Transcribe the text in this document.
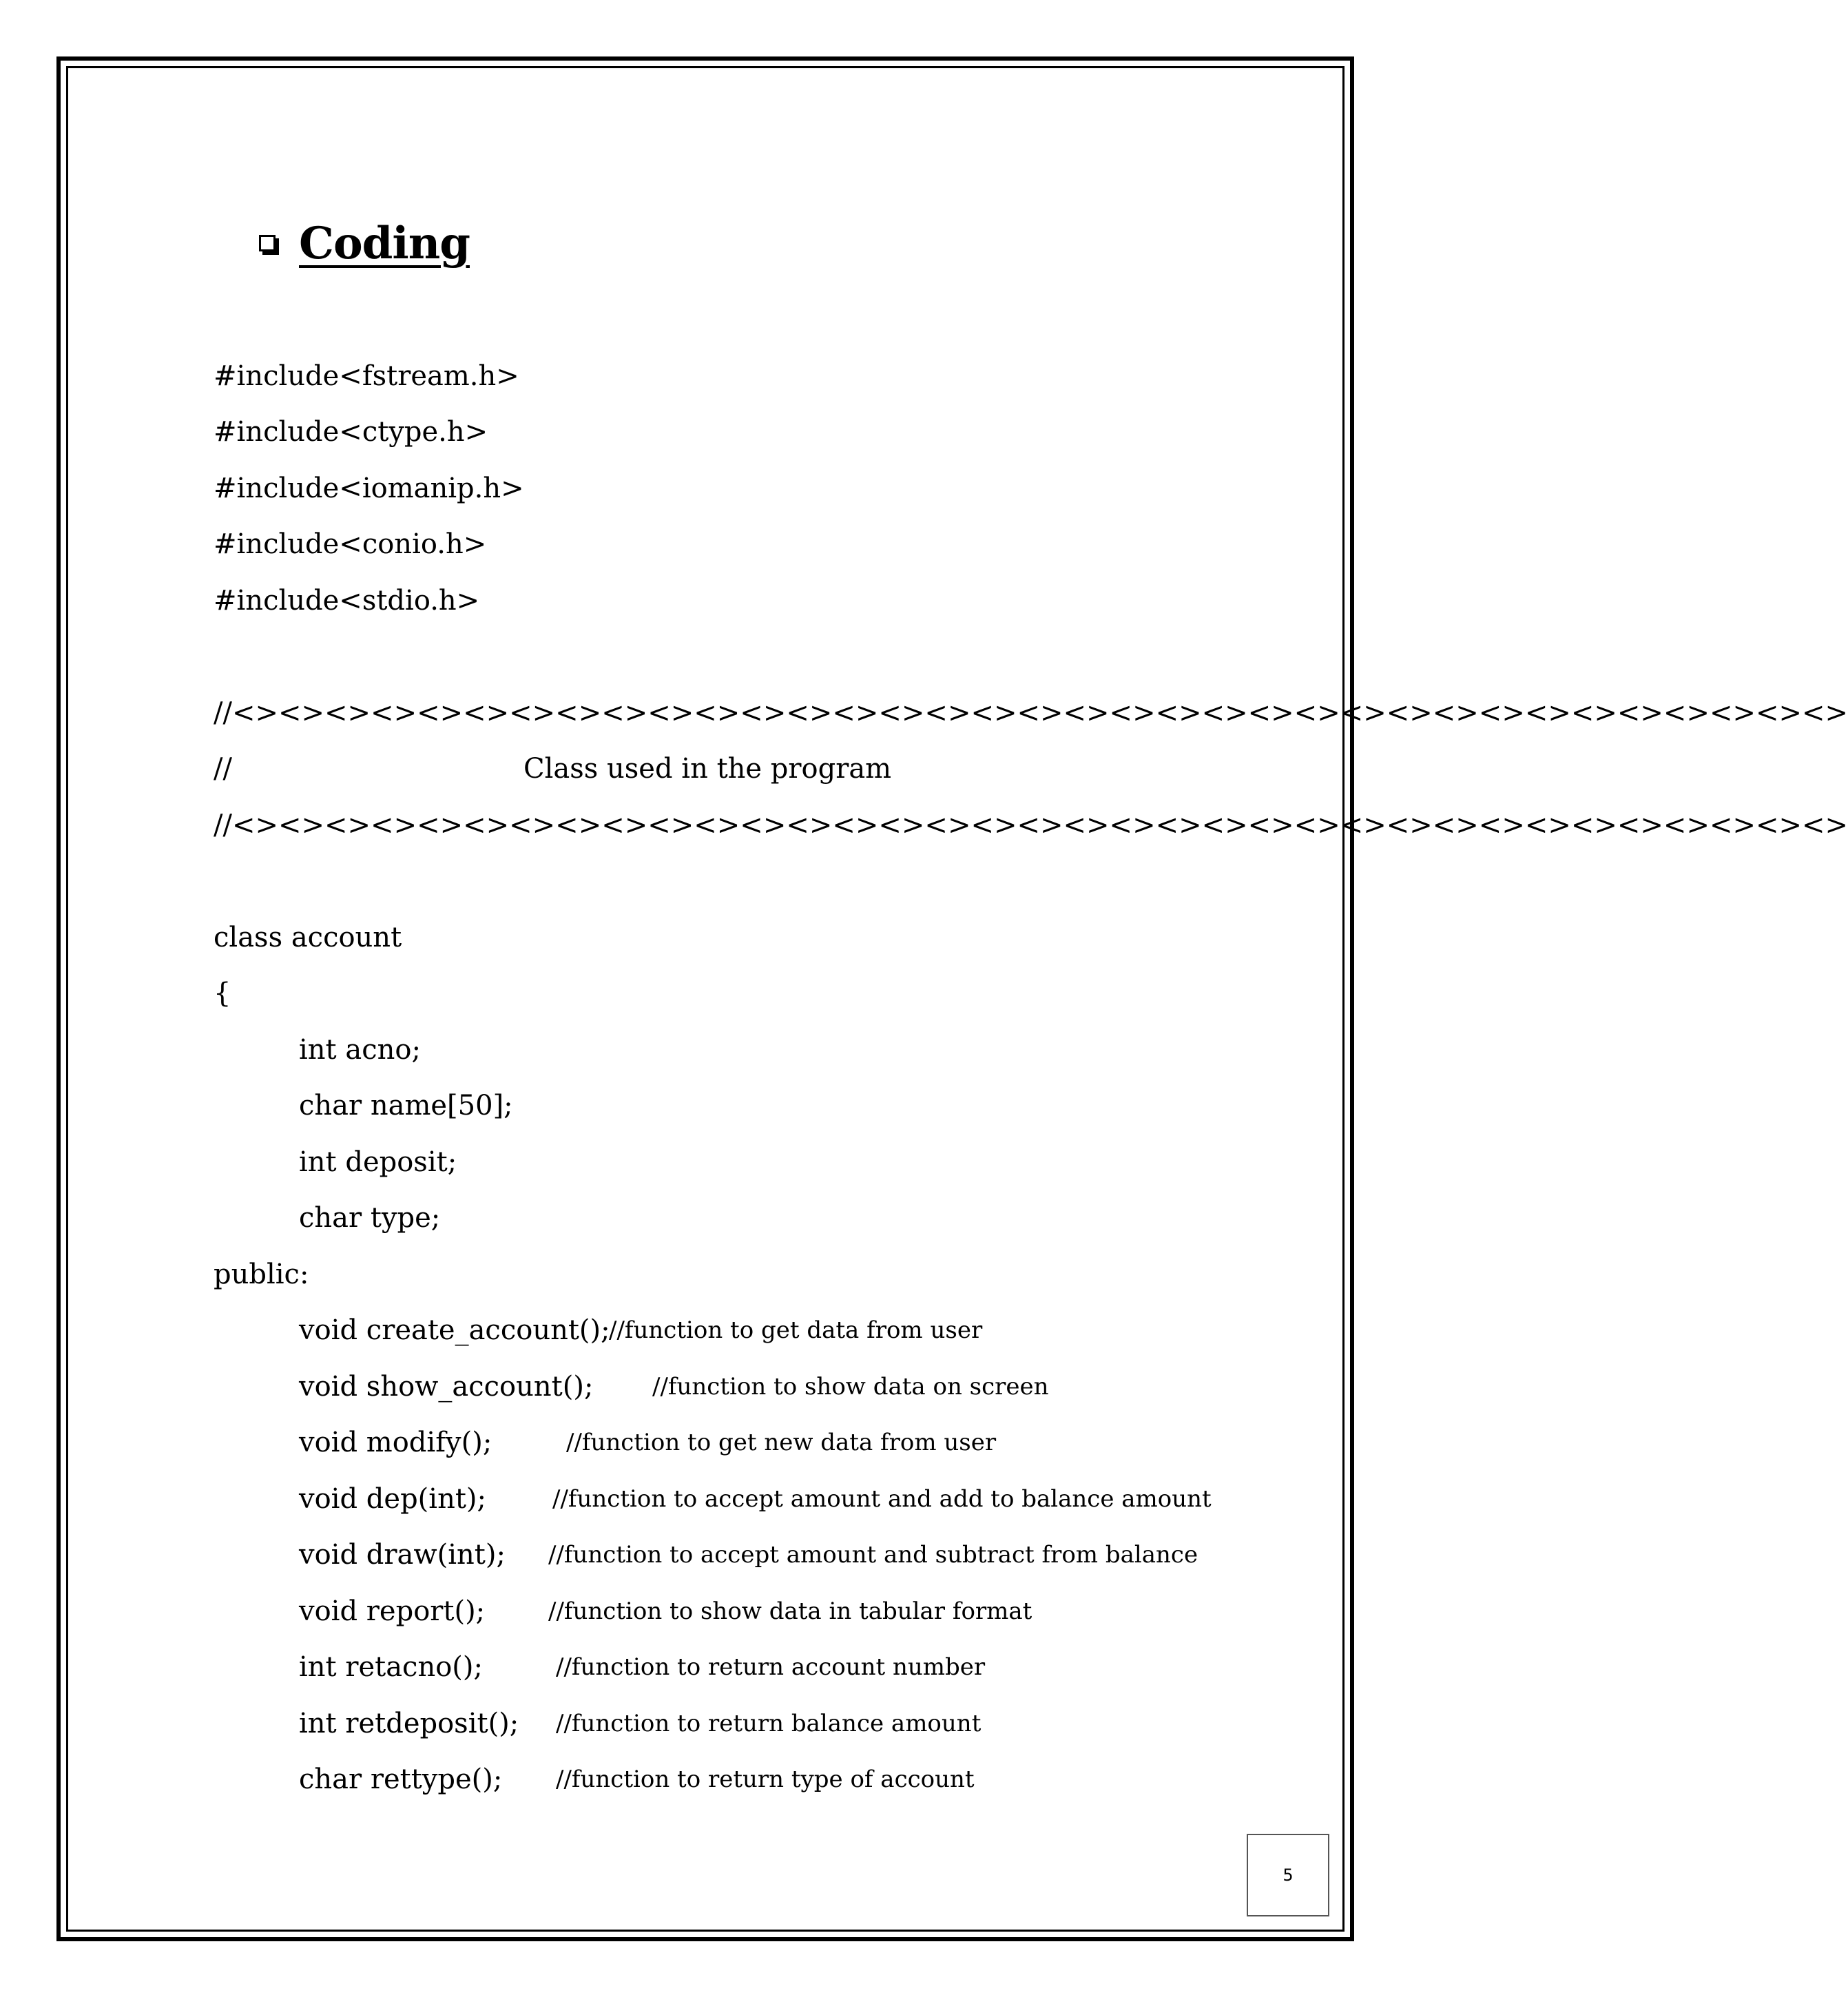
Coding
#include<fstream.h>
#include<ctype.h>
#include<iomanip.h>
#include<conio.h>
#include<stdio.h>
//<><><><><><><><><><><><><><><><><><><><><><><><><><><><><><><><><><><>
//	Class used in the program
//<><><><><><><><><><><><><><><><><><><><><><><><><><><><><><><><><><><>
class account
{
int acno;
char name[50];
int deposit;
char type;
public:
void create_account();
//function to get data from user
void show_account();	//function to show data on screen
void modify();	//function to get new data from user
void dep(int);	//function to accept amount and add to balance amount
void draw(int);	//function to accept amount and subtract from balance
void report();	//function to show data in tabular format
int retacno();	//function to return account number
int retdeposit();	//function to return balance amount
char rettype();	//function to return type of account
5
